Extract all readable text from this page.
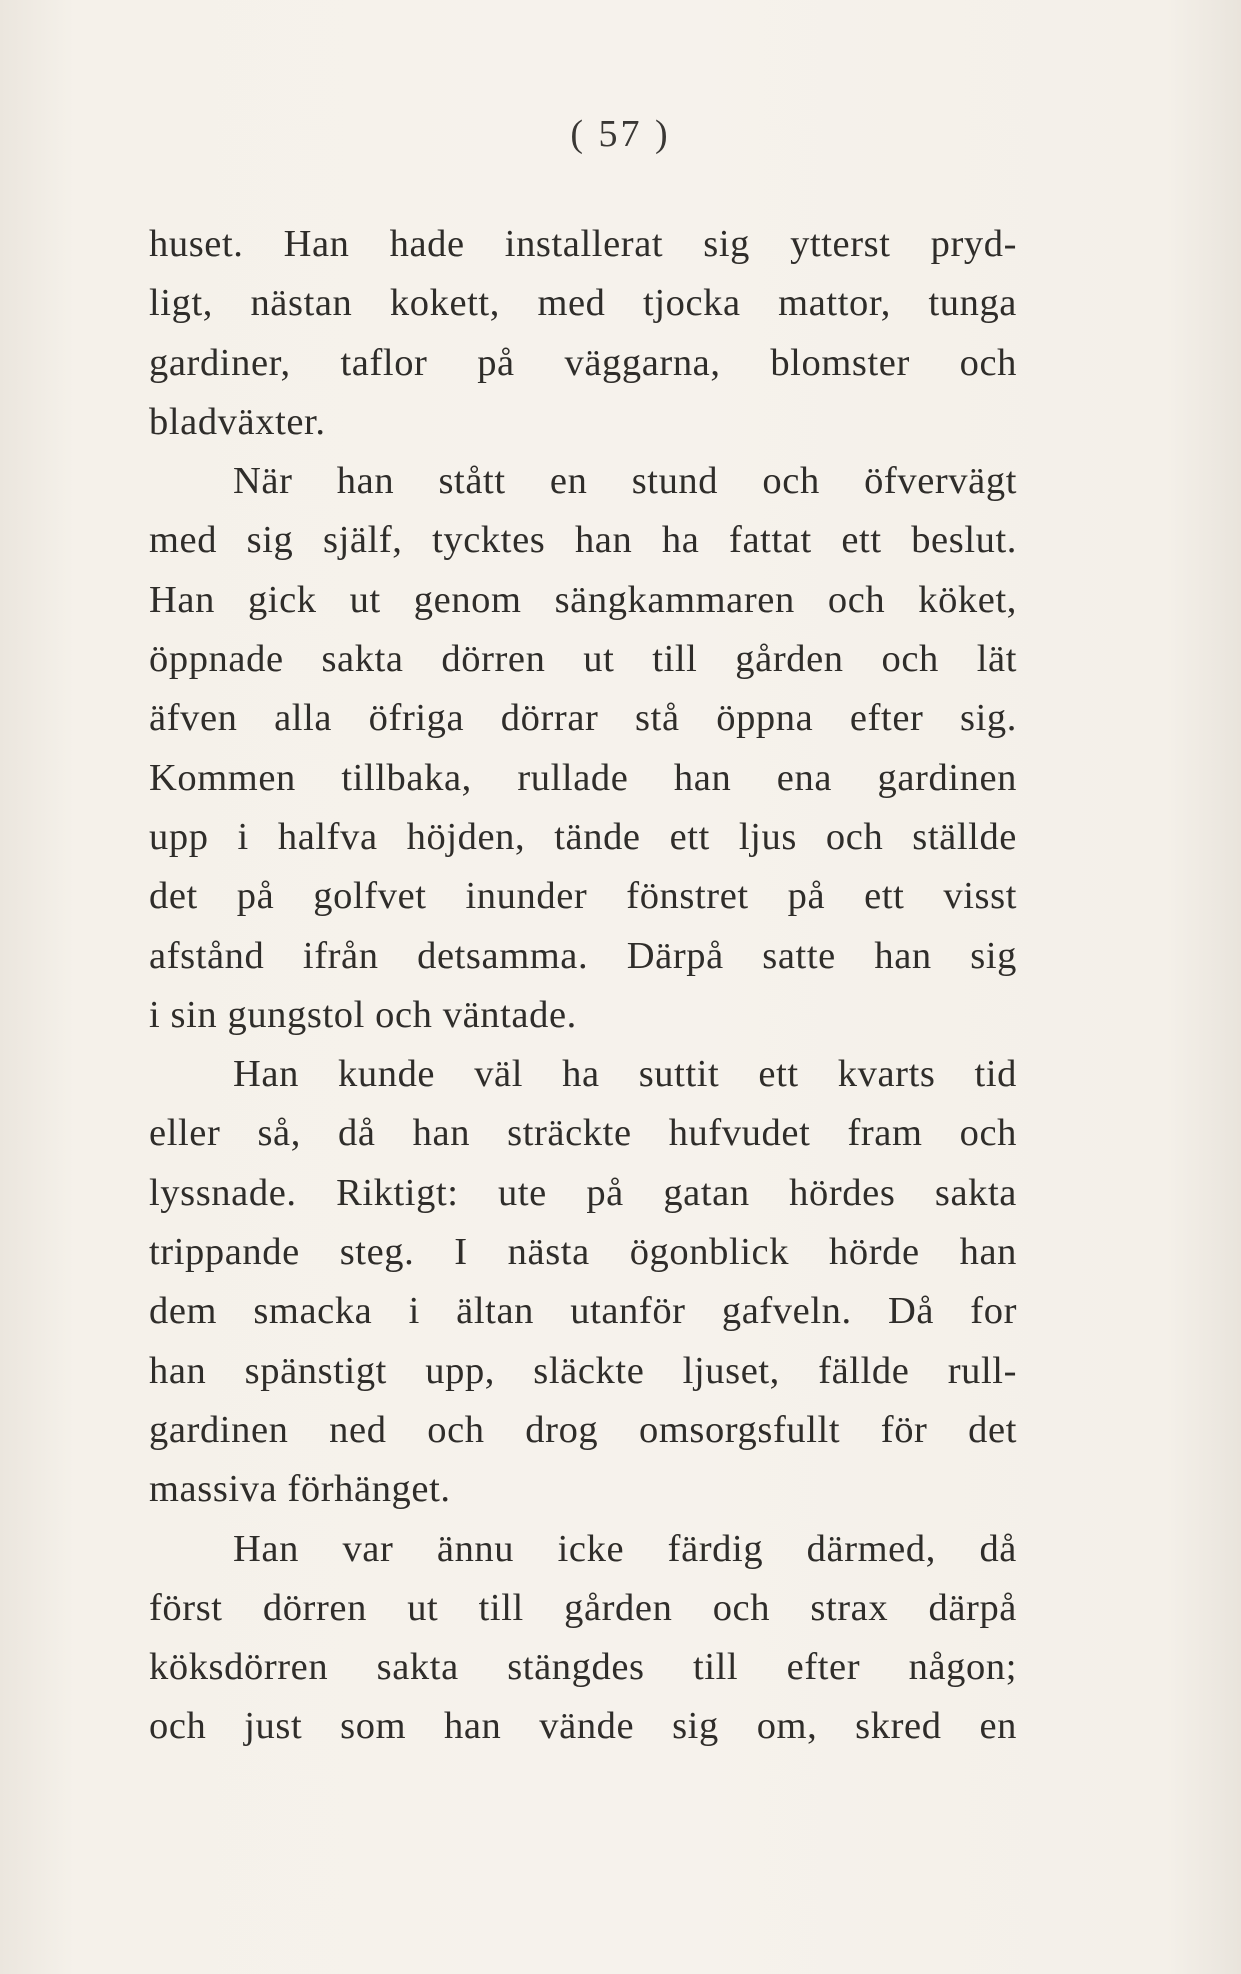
( 57 )
huset. Han hade installerat sig ytterst pryd-
ligt, nästan kokett, med tjocka mattor, tunga
gardiner, taflor på väggarna, blomster och
bladväxter.
När han stått en stund och öfvervägt
med sig själf, tycktes han ha fattat ett beslut.
Han gick ut genom sängkammaren och köket,
öppnade sakta dörren ut till gården och lät
äfven alla öfriga dörrar stå öppna efter sig.
Kommen tillbaka, rullade han ena gardinen
upp i halfva höjden, tände ett ljus och ställde
det på golfvet inunder fönstret på ett visst
afstånd ifrån detsamma. Därpå satte han sig
i sin gungstol och väntade.
Han kunde väl ha suttit ett kvarts tid
eller så, då han sträckte hufvudet fram och
lyssnade. Riktigt: ute på gatan hördes sakta
trippande steg. I nästa ögonblick hörde han
dem smacka i ältan utanför gafveln. Då for
han spänstigt upp, släckte ljuset, fällde rull-
gardinen ned och drog omsorgsfullt för det
massiva förhänget.
Han var ännu icke färdig därmed, då
först dörren ut till gården och strax därpå
köksdörren sakta stängdes till efter någon;
och just som han vände sig om, skred en
